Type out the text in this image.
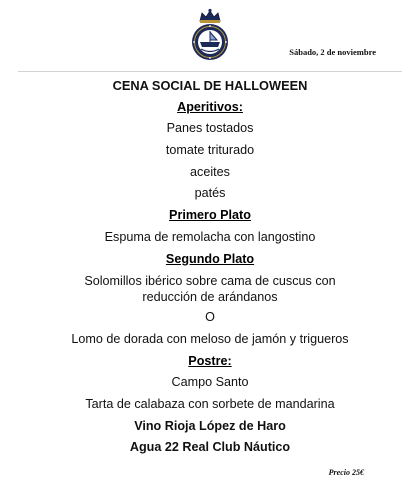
Sábado, 2 de noviembre
CENA SOCIAL DE HALLOWEEN
Aperitivos:
Panes tostados
tomate triturado
aceites
patés
Primero Plato
Espuma de remolacha con langostino
Segundo Plato
Solomillos ibérico sobre cama de cuscus con
reducción de arándanos
O
Lomo de dorada con meloso de jamón y trigueros
Postre:
Campo Santo
Tarta de calabaza con sorbete de mandarina
Vino Rioja López de Haro
Agua 22 Real Club Náutico
Precio 25€
